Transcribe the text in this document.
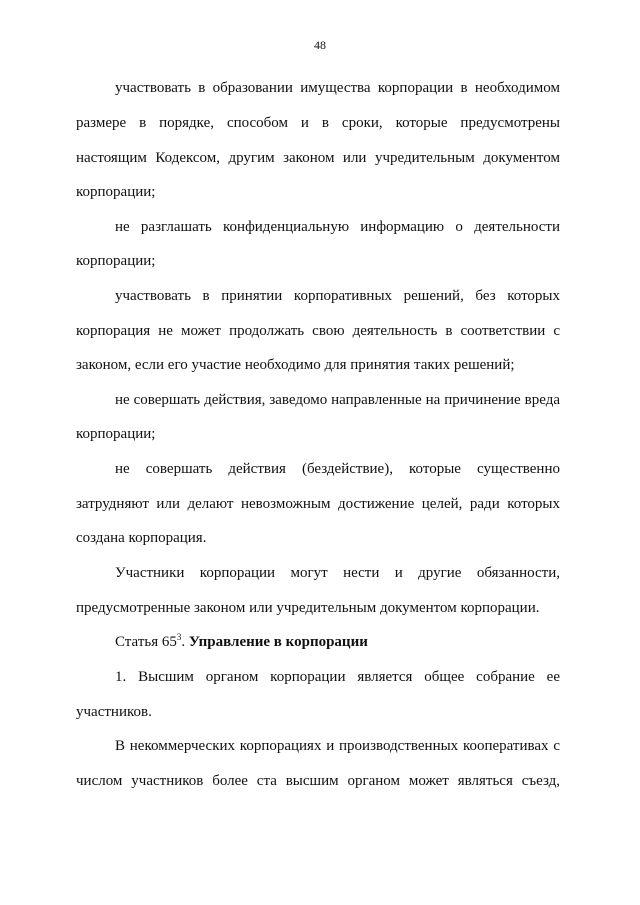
48
участвовать в образовании имущества корпорации в необходимом
размере в порядке, способом и в сроки, которые предусмотрены
настоящим Кодексом, другим законом или учредительным документом
корпорации;
не разглашать конфиденциальную информацию о деятельности
корпорации;
участвовать в принятии корпоративных решений, без которых
корпорация не может продолжать свою деятельность в соответствии с
законом, если его участие необходимо для принятия таких решений;
не совершать действия, заведомо направленные на причинение вреда
корпорации;
не совершать действия (бездействие), которые существенно
затрудняют или делают невозможным достижение целей, ради которых
создана корпорация.
Участники корпорации могут нести и другие обязанности,
предусмотренные законом или учредительным документом корпорации.
Статья $65^3$. Управление в корпорации
1. Высшим органом корпорации является общее собрание ее
участников.
В некоммерческих корпорациях и производственных кооперативах с
числом участников более ста высшим органом может являться съезд,
